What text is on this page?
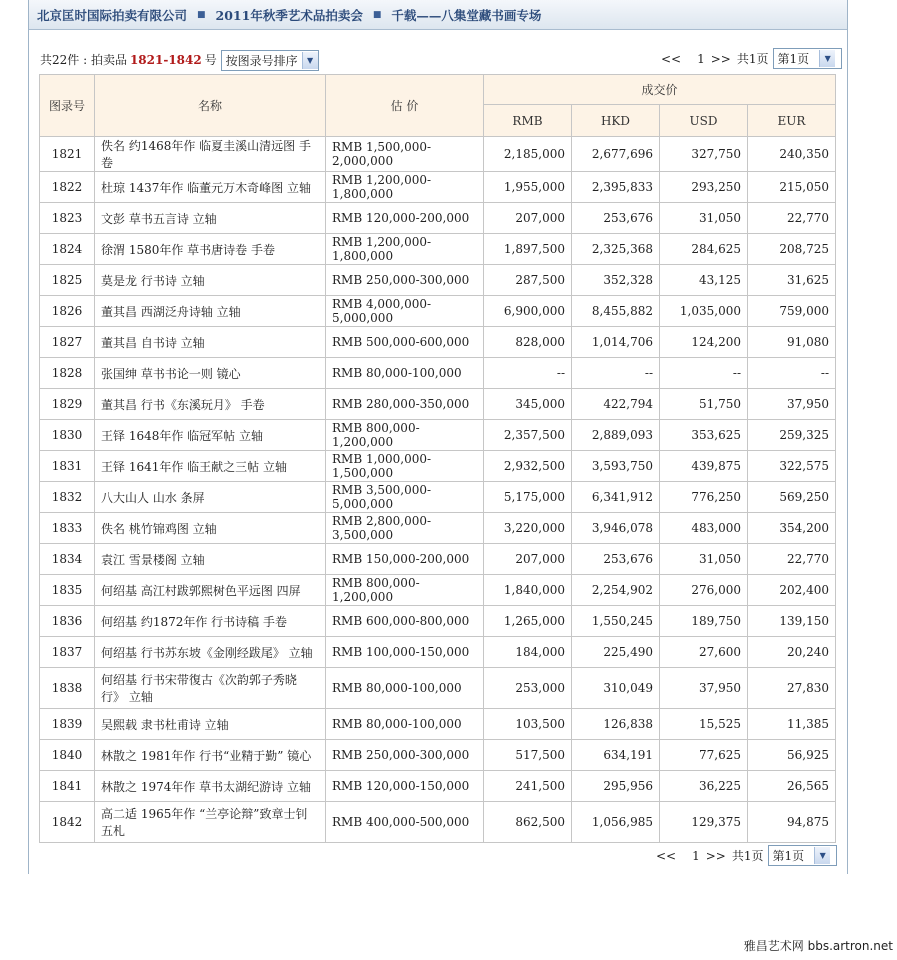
北京匡时国际拍卖有限公司 ■ 2011年秋季艺术品拍卖会 ■ 千载——八集堂藏书画专场
共22件 : 拍卖品 1821-1842 号 按图录号排序	▼	<< 1 >> 共1页 第1页	▼
图录号	名称	估 价	成交价			
			RMB	HKD	USD	EUR
1821	佚名 约1468年作 临夏圭溪山清远图 手卷	RMB 1,500,000-2,000,000	2,185,000	2,677,696	327,750	240,350
1822	杜琼 1437年作 临董元万木奇峰图 立轴	RMB 1,200,000-1,800,000	1,955,000	2,395,833	293,250	215,050
1823	文彭 草书五言诗 立轴	RMB 120,000-200,000	207,000	253,676	31,050	22,770
1824	徐渭 1580年作 草书唐诗卷 手卷	RMB 1,200,000-1,800,000	1,897,500	2,325,368	284,625	208,725
1825	莫是龙 行书诗 立轴	RMB 250,000-300,000	287,500	352,328	43,125	31,625
1826	董其昌 西湖泛舟诗轴 立轴	RMB 4,000,000-5,000,000	6,900,000	8,455,882	1,035,000	759,000
1827	董其昌 自书诗 立轴	RMB 500,000-600,000	828,000	1,014,706	124,200	91,080
1828	张国绅 草书书论一则 镜心	RMB 80,000-100,000	--	--	--	--
1829	董其昌 行书《东溪玩月》 手卷	RMB 280,000-350,000	345,000	422,794	51,750	37,950
1830	王铎 1648年作 临冠军帖 立轴	RMB 800,000-1,200,000	2,357,500	2,889,093	353,625	259,325
1831	王铎 1641年作 临王献之三帖 立轴	RMB 1,000,000-1,500,000	2,932,500	3,593,750	439,875	322,575
1832	八大山人 山水 条屏	RMB 3,500,000-5,000,000	5,175,000	6,341,912	776,250	569,250
1833	佚名 桃竹锦鸡图 立轴	RMB 2,800,000-3,500,000	3,220,000	3,946,078	483,000	354,200
1834	袁江 雪景楼阁 立轴	RMB 150,000-200,000	207,000	253,676	31,050	22,770
1835	何绍基 高江村跋郭熙树色平远图 四屏	RMB 800,000-1,200,000	1,840,000	2,254,902	276,000	202,400
1836	何绍基 约1872年作 行书诗稿 手卷	RMB 600,000-800,000	1,265,000	1,550,245	189,750	139,150
1837	何绍基 行书苏东坡《金刚经跋尾》 立轴	RMB 100,000-150,000	184,000	225,490	27,600	20,240
1838	何绍基 行书宋带復古《次韵郭子秀晓行》 立轴	RMB 80,000-100,000	253,000	310,049	37,950	27,830
1839	吴熙载 隶书杜甫诗 立轴	RMB 80,000-100,000	103,500	126,838	15,525	11,385
1840	林散之 1981年作 行书“业精于勤” 镜心	RMB 250,000-300,000	517,500	634,191	77,625	56,925
1841	林散之 1974年作 草书太湖纪游诗 立轴	RMB 120,000-150,000	241,500	295,956	36,225	26,565
1842	高二适 1965年作 “兰亭论辩”致章士钊五札	RMB 400,000-500,000	862,500	1,056,985	129,375	94,875
<< 1 >> 共1页 第1页	▼
雅昌艺术网 bbs.artron.net
